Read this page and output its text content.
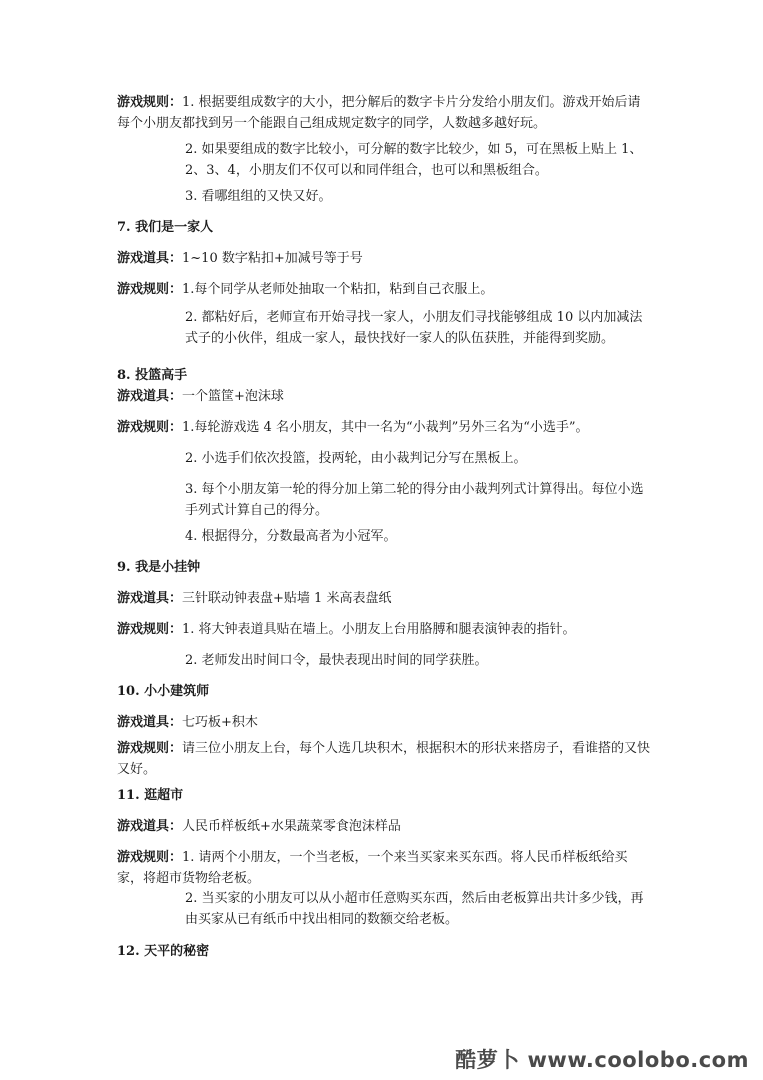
游戏规则：1. 根据要组成数字的大小，把分解后的数字卡片分发给小朋友们。游戏开始后请每个小朋友都找到另一个能跟自己组成规定数字的同学，人数越多越好玩。

2. 如果要组成的数字比较小，可分解的数字比较少，如 5，可在黑板上贴上 1、2、3、4，小朋友们不仅可以和同伴组合，也可以和黑板组合。

3. 看哪组组的又快又好。

7. 我们是一家人

游戏道具：1~10 数字粘扣+加减号等于号

游戏规则：1.每个同学从老师处抽取一个粘扣，粘到自己衣服上。

2. 都粘好后，老师宣布开始寻找一家人，小朋友们寻找能够组成 10 以内加减法式子的小伙伴，组成一家人，最快找好一家人的队伍获胜，并能得到奖励。

8. 投篮高手

游戏道具：一个篮筐+泡沫球

游戏规则：1.每轮游戏选 4 名小朋友，其中一名为“小裁判”另外三名为“小选手”。

2. 小选手们依次投篮，投两轮，由小裁判记分写在黑板上。

3. 每个小朋友第一轮的得分加上第二轮的得分由小裁判列式计算得出。每位小选手列式计算自己的得分。

4. 根据得分，分数最高者为小冠军。

9. 我是小挂钟

游戏道具：三针联动钟表盘+贴墙 1 米高表盘纸

游戏规则：1. 将大钟表道具贴在墙上。小朋友上台用胳膊和腿表演钟表的指针。

2. 老师发出时间口令，最快表现出时间的同学获胜。

10. 小小建筑师

游戏道具：七巧板+积木

游戏规则：请三位小朋友上台，每个人选几块积木，根据积木的形状来搭房子，看谁搭的又快又好。

11. 逛超市

游戏道具：人民币样板纸+水果蔬菜零食泡沫样品

游戏规则：1. 请两个小朋友，一个当老板，一个来当买家来买东西。将人民币样板纸给买家，将超市货物给老板。

2. 当买家的小朋友可以从小超市任意购买东西，然后由老板算出共计多少钱，再由买家从已有纸币中找出相同的数额交给老板。

12. 天平的秘密

酷萝卜 www.coolobo.com
